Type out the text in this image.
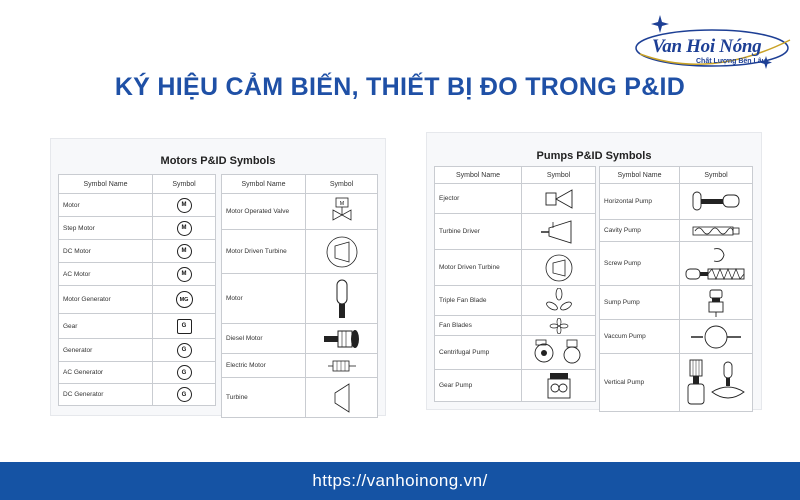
Van Hoi Nóng
Chất Lượng Bền Lâu
KÝ HIỆU CẢM BIẾN, THIẾT BỊ ĐO TRONG P&ID
Motors P&ID Symbols
Symbol Name	Symbol
Motor	M
Step Motor	M
DC Motor	M
AC Motor	M
Motor Generator	MG
Gear	G
Generator	G
AC Generator	G
DC Generator	G
Symbol Name	Symbol
Motor Operated Valve	M

Motor Driven Turbine	

Motor	

Diesel Motor	

Electric Motor	

Turbine	
Pumps P&ID Symbols
Symbol Name	Symbol
Ejector	

Turbine Driver	

Motor Driven Turbine	

Triple Fan Blade	

Fan Blades	

Centrifugal Pump	

Gear Pump	
Symbol Name	Symbol
Horizontal Pump	

Cavity Pump	

Screw Pump	

Sump Pump	

Vaccum Pump	

Vertical Pump	
https://vanhoinong.vn/
